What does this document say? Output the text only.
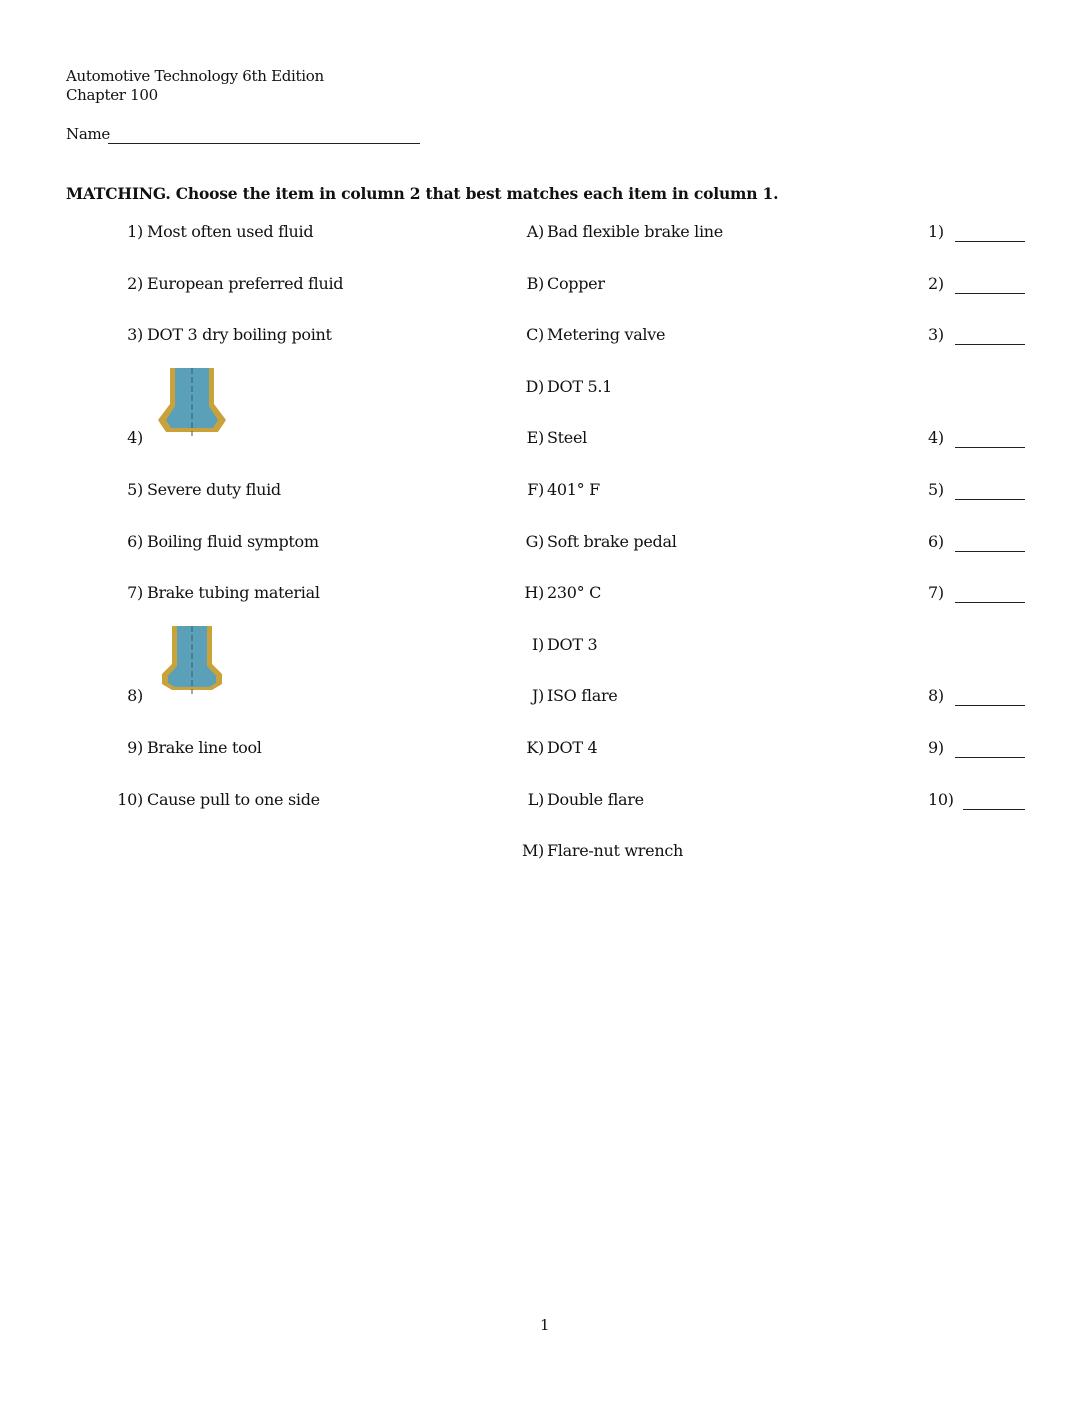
Automotive Technology 6th Edition
Chapter 100
Name
MATCHING. Choose the item in column 2 that best matches each item in column 1.
1) Most often used fluid	A) Bad flexible brake line	1)
2) European preferred fluid	B) Copper	2)
3) DOT 3 dry boiling point	C) Metering valve	3)
D) DOT 5.1
4)	E) Steel	4)
5) Severe duty fluid	F) 401° F	5)
6) Boiling fluid symptom	G) Soft brake pedal	6)
7) Brake tubing material	H) 230° C	7)
I) DOT 3
8)	J) ISO flare	8)
9) Brake line tool	K) DOT 4	9)
10) Cause pull to one side	L) Double flare	10)
M) Flare-nut wrench
1
